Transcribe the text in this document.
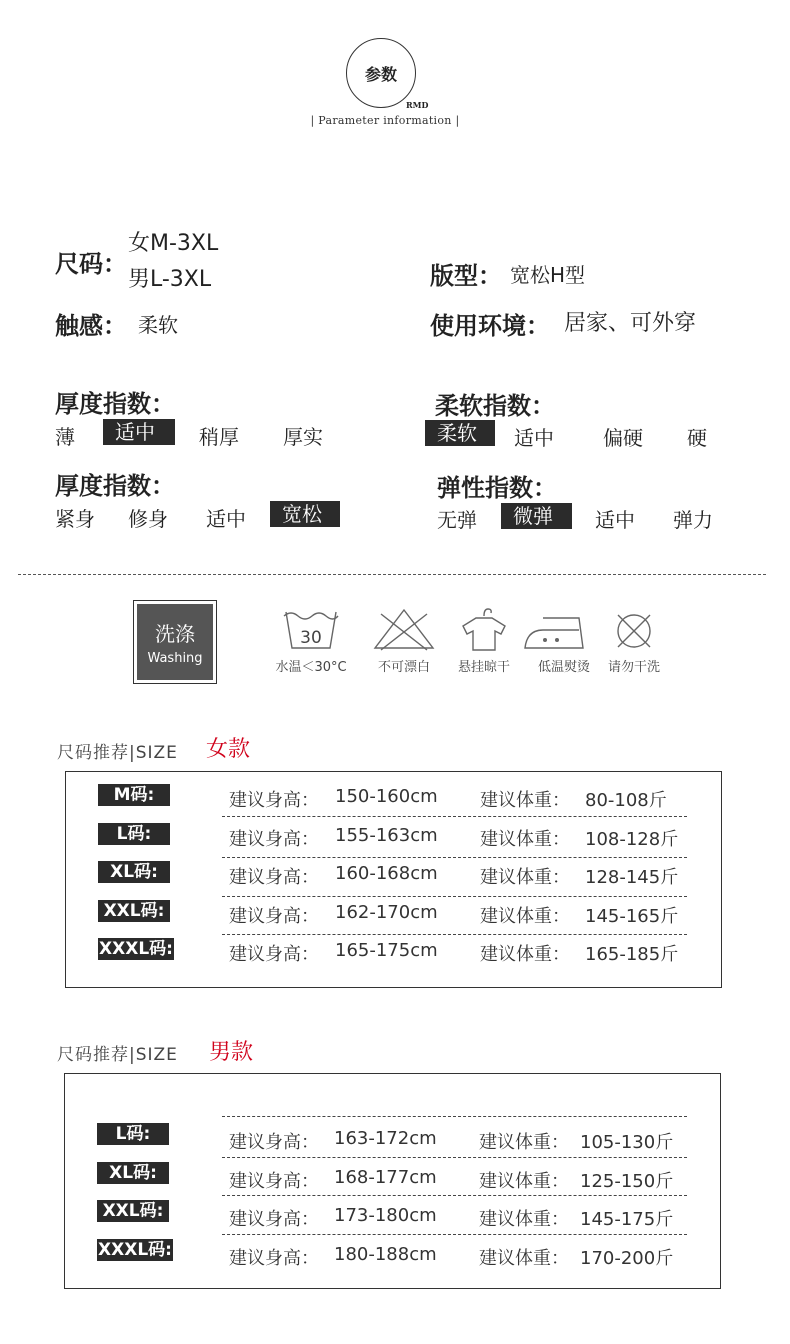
参数
RMD
| Parameter information |
尺码：
女M-3XL
男L-3XL	版型： 宽松H型
触感： 柔软	使用环境： 居家、可外穿
厚度指数：
薄	适中	稍厚 厚实
柔软指数：
柔软	适中 偏硬 硬
厚度指数：
紧身 修身 适中	宽松
弹性指数：
无弹	微弹	适中 弹力
洗涤
Washing
30
水温＜30°C	不可漂白	悬挂晾干	低温熨烫	请勿干洗
尺码推荐|SIZE 女款
M码:	建议身高： 150-160cm 建议体重： 80-108斤
L码:	建议身高： 155-163cm 建议体重： 108-128斤
XL码:	建议身高： 160-168cm 建议体重： 128-145斤
XXL码:	建议身高： 162-170cm 建议体重： 145-165斤
XXXL码:	建议身高： 165-175cm 建议体重： 165-185斤
尺码推荐|SIZE 男款
L码:	建议身高： 163-172cm 建议体重： 105-130斤
XL码:	建议身高： 168-177cm 建议体重： 125-150斤
XXL码:	建议身高： 173-180cm 建议体重： 145-175斤
XXXL码:	建议身高： 180-188cm 建议体重： 170-200斤
